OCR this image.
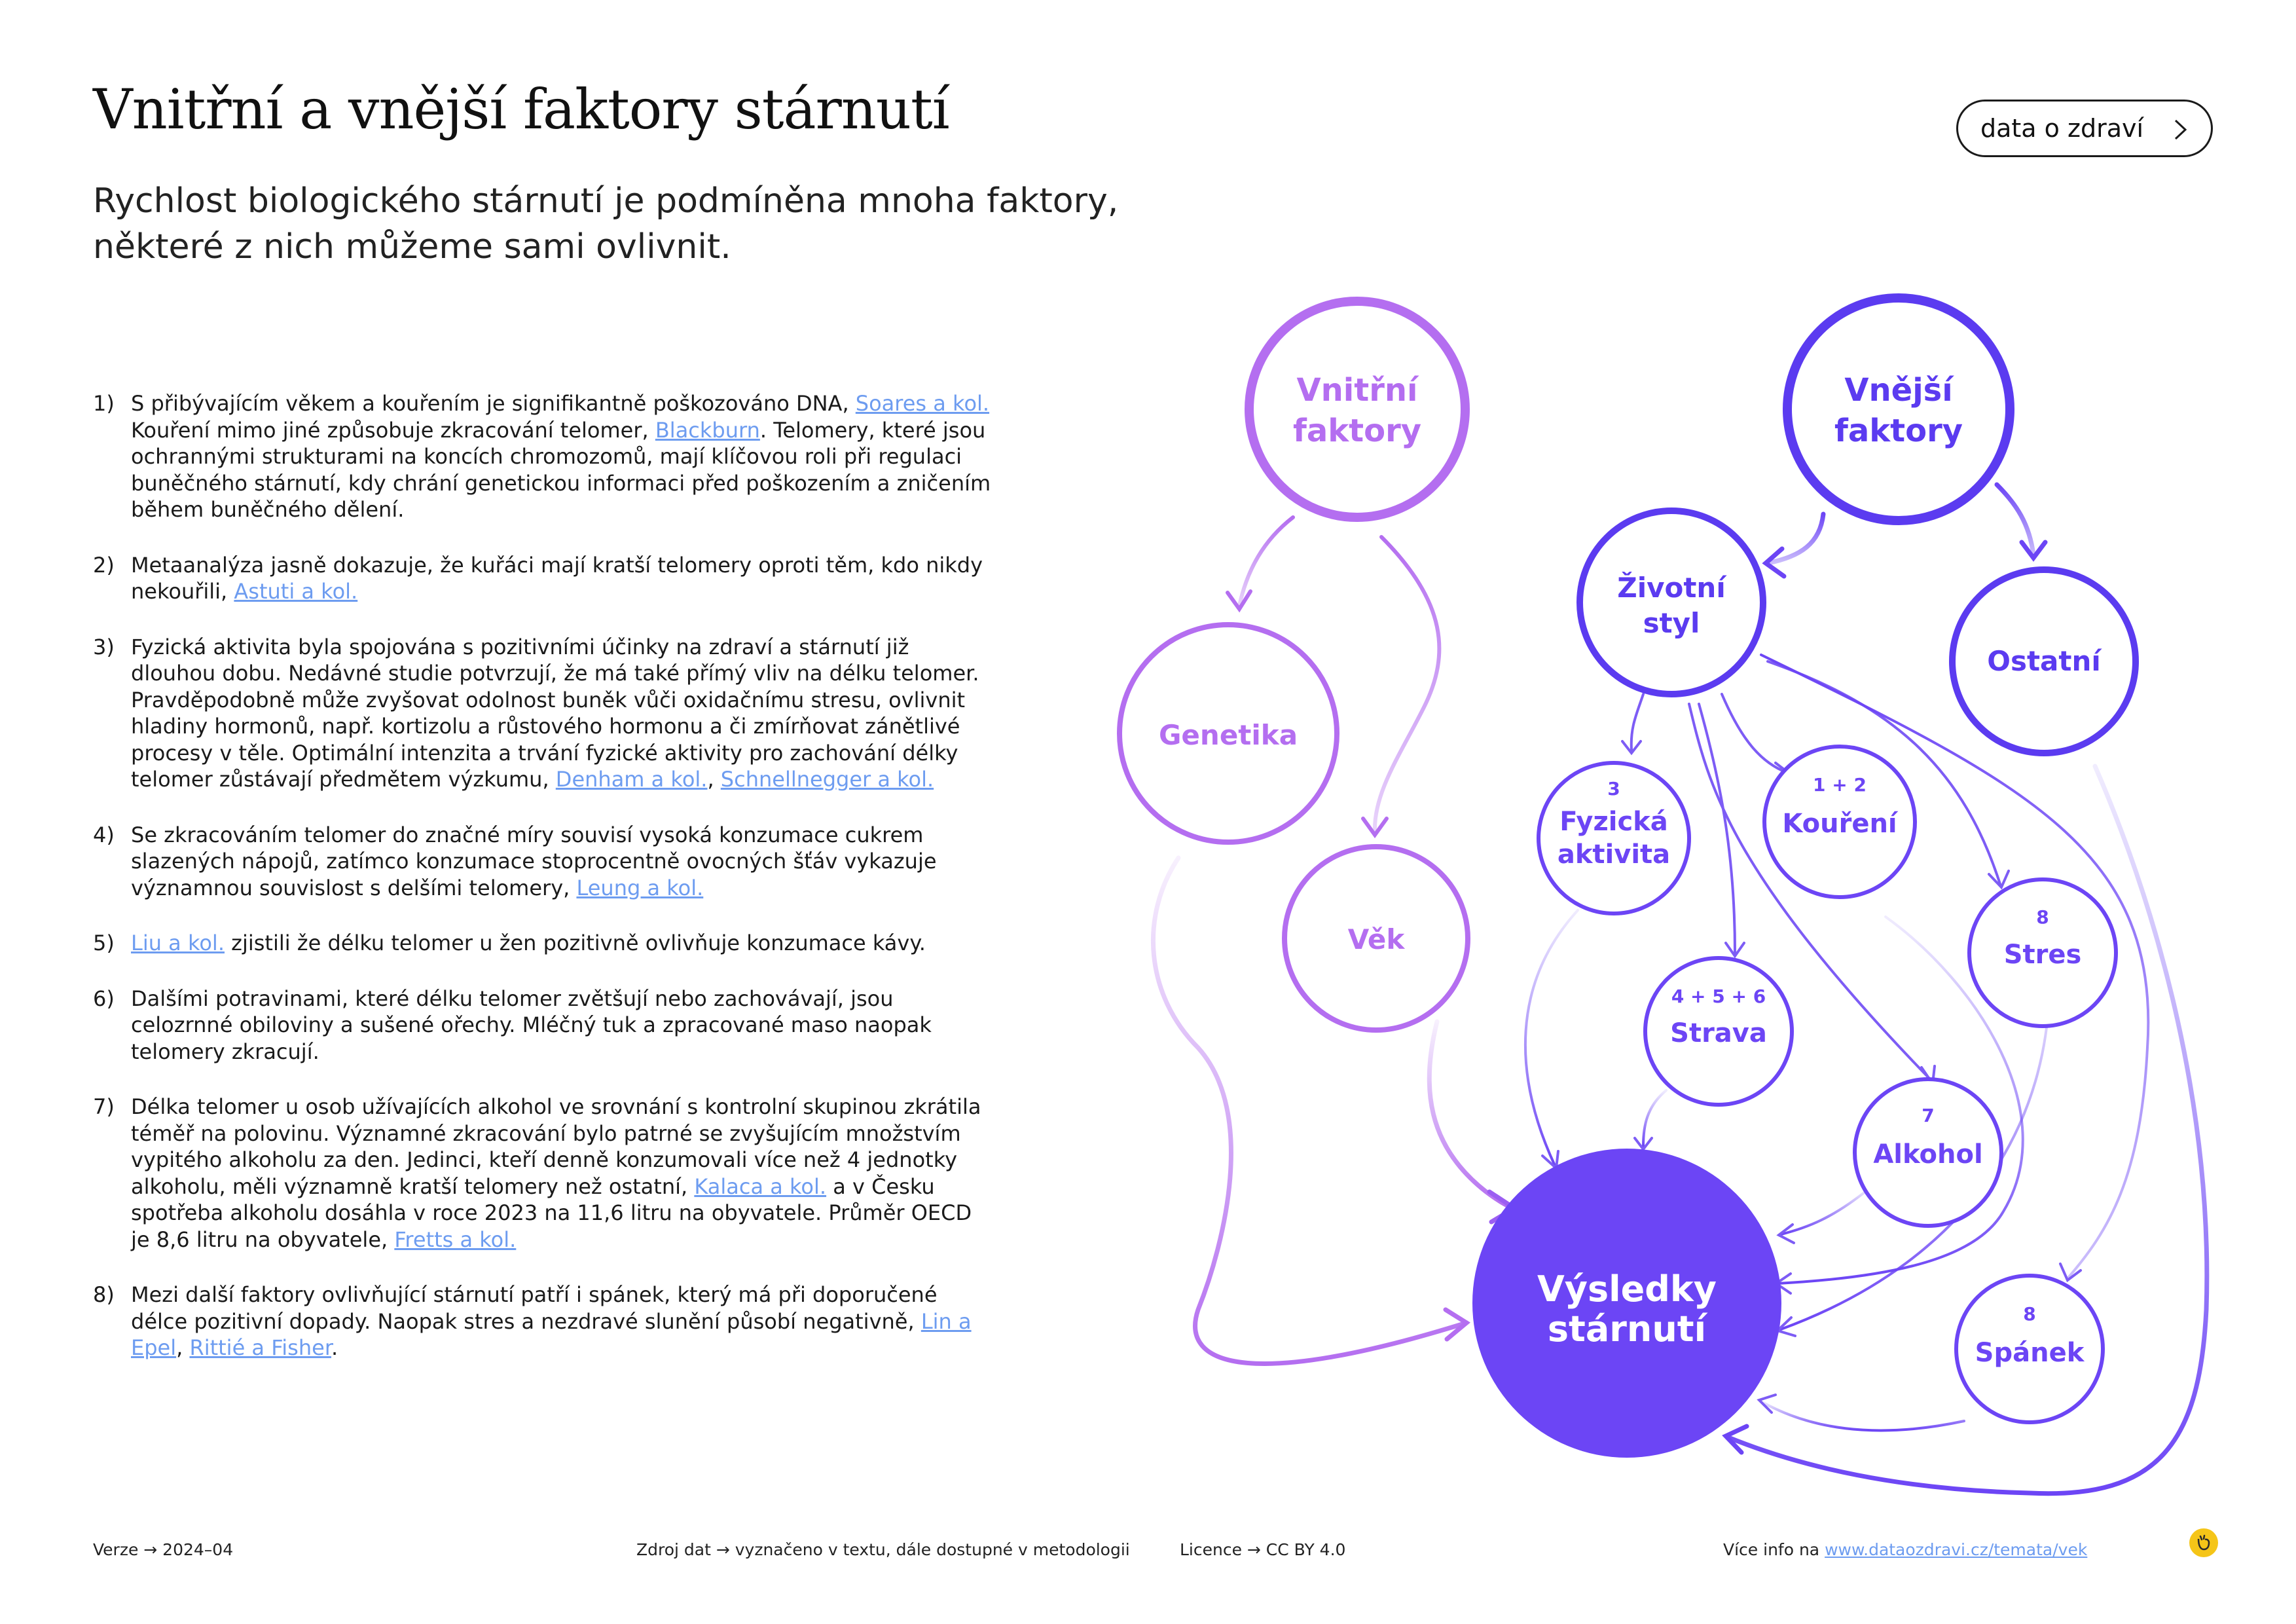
Vnitřní a vnější faktory stárnutí

Rychlost biologického stárnutí je podmíněna mnoha faktory,
některé z nich můžeme sami ovlivnit.

data o zdraví
1) S přibývajícím věkem a kouřením je signifikantně poškozováno DNA, Soares a kol. Kouření mimo jiné způsobuje zkracování telomer, Blackburn. Telomery, které jsou ochrannými strukturami na koncích chromozomů, mají klíčovou roli při regulaci buněčného stárnutí, kdy chrání genetickou informaci před poškozením a zničením během buněčného dělení.
2) Metaanalýza jasně dokazuje, že kuřáci mají kratší telomery oproti těm, kdo nikdy nekouřili, Astuti a kol.
3) Fyzická aktivita byla spojována s pozitivními účinky na zdraví a stárnutí již dlouhou dobu. Nedávné studie potvrzují, že má také přímý vliv na délku telomer. Pravděpodobně může zvyšovat odolnost buněk vůči oxidačnímu stresu, ovlivnit hladiny hormonů, např. kortizolu a růstového hormonu a či zmírňovat zánětlivé procesy v těle. Optimální intenzita a trvání fyzické aktivity pro zachování délky telomer zůstávají předmětem výzkumu, Denham a kol., Schnellnegger a kol.
4) Se zkracováním telomer do značné míry souvisí vysoká konzumace cukrem slazených nápojů, zatímco konzumace stoprocentně ovocných šťáv vykazuje významnou souvislost s delšími telomery, Leung a kol.
5) Liu a kol. zjistili že délku telomer u žen pozitivně ovlivňuje konzumace kávy.
6) Dalšími potravinami, které délku telomer zvětšují nebo zachovávají, jsou celozrnné obiloviny a sušené ořechy. Mléčný tuk a zpracované maso naopak telomery zkracují.
7) Délka telomer u osob užívajících alkohol ve srovnání s kontrolní skupinou zkrátila téměř na polovinu. Významné zkracování bylo patrné se zvyšujícím množstvím vypitého alkoholu za den. Jedinci, kteří denně konzumovali více než 4 jednotky alkoholu, měli významně kratší telomery než ostatní, Kalaca a kol. a v Česku spotřeba alkoholu dosáhla v roce 2023 na 11,6 litru na obyvatele. Průměr OECD je 8,6 litru na obyvatele, Fretts a kol.
8) Mezi další faktory ovlivňující stárnutí patří i spánek, který má při doporučené délce pozitivní dopady. Naopak stres a nezdravé slunění působí negativně, Lin a Epel, Rittié a Fisher.
Vnitřní
faktory
Vnější
faktory
Genetika
Věk
Životní
styl
Ostatní
3
Fyzická
aktivita
1 + 2
Kouření
8
Stres
4 + 5 + 6
Strava
7
Alkohol
8
Spánek
Výsledky
stárnutí
Verze → 2024–04	Zdroj dat → vyznačeno v textu, dále dostupné v metodologii	Licence → CC BY 4.0	Více info na www.dataozdravi.cz/temata/vek
